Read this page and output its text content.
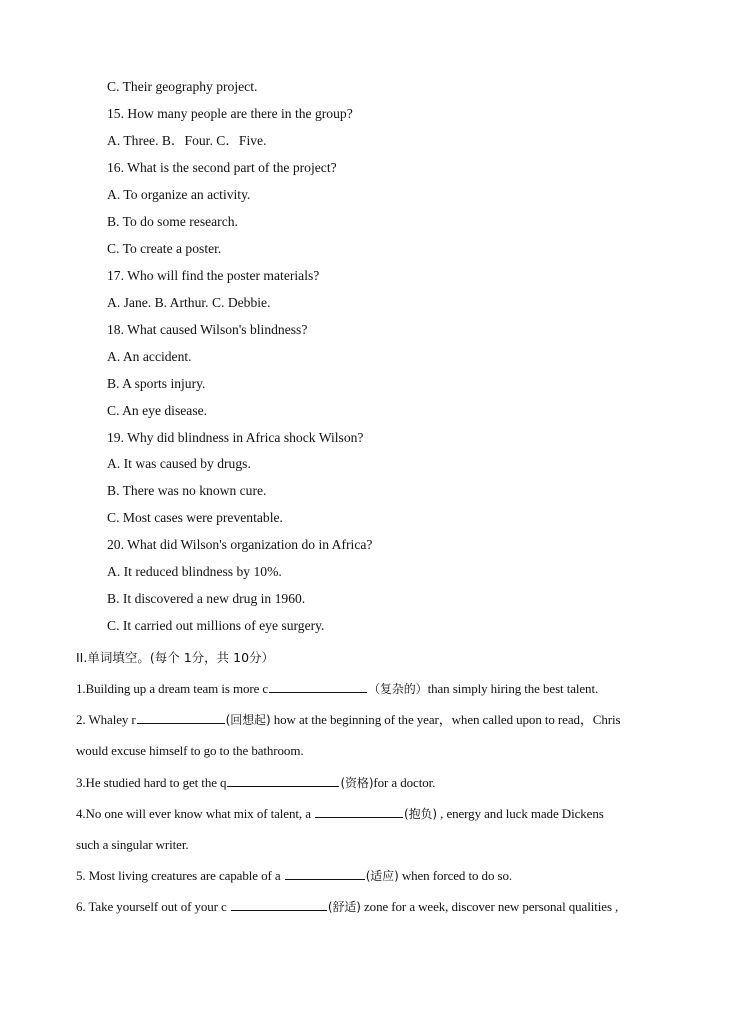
C. Their geography project.
15. How many people are there in the group?
A. Three. B．Four. C．Five.
16. What is the second part of the project?
A. To organize an activity.
B. To do some research.
C. To create a poster.
17. Who will find the poster materials?
A. Jane. B. Arthur. C. Debbie.
18. What caused Wilson's blindness?
A. An accident.
B. A sports injury.
C. An eye disease.
19. Why did blindness in Africa shock Wilson?
A. It was caused by drugs.
B. There was no known cure.
C. Most cases were preventable.
20. What did Wilson's organization do in Africa?
A. It reduced blindness by 10%.
B. It discovered a new drug in 1960.
C. It carried out millions of eye surgery.
II.单词填空。(每个 1分，共 10分）
1.Building up a dream team is more c	（复杂的）than simply hiring the best talent.
2. Whaley r	(回想起) how at the beginning of the year，when called upon to read，Chris
would excuse himself to go to the bathroom.
3.He studied hard to get the q	(资格)for a doctor.
4.No one will ever know what mix of talent, a	(抱负) , energy and luck made Dickens
such a singular writer.
5. Most living creatures are capable of a	(适应) when forced to do so.
6. Take yourself out of your c	(舒适) zone for a week, discover new personal qualities ,
